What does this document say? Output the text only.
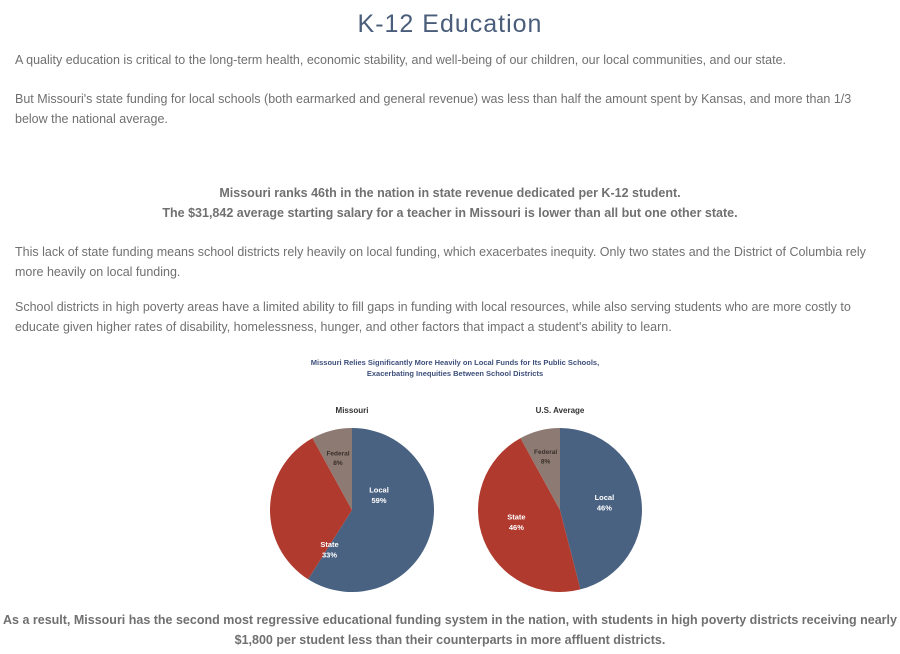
K-12 Education

A quality education is critical to the long-term health, economic stability, and well-being of our children, our local communities, and our state.

But Missouri's state funding for local schools (both earmarked and general revenue) was less than half the amount spent by Kansas, and more than 1/3 below the national average.

Missouri ranks 46th in the nation in state revenue dedicated per K-12 student.

The $31,842 average starting salary for a teacher in Missouri is lower than all but one other state.

This lack of state funding means school districts rely heavily on local funding, which exacerbates inequity. Only two states and the District of Columbia rely more heavily on local funding.

School districts in high poverty areas have a limited ability to fill gaps in funding with local resources, while also serving students who are more costly to educate given higher rates of disability, homelessness, hunger, and other factors that impact a student's ability to learn.

Missouri Relies Significantly More Heavily on Local Funds for Its Public Schools,
Exacerbating Inequities Between School Districts
Missouri
Local
59%
State
33%
Federal
8%
U.S. Average
Local
46%
State
46%
Federal
8%
As a result, Missouri has the second most regressive educational funding system in the nation, with students in high poverty districts receiving nearly $1,800 per student less than their counterparts in more affluent districts.
